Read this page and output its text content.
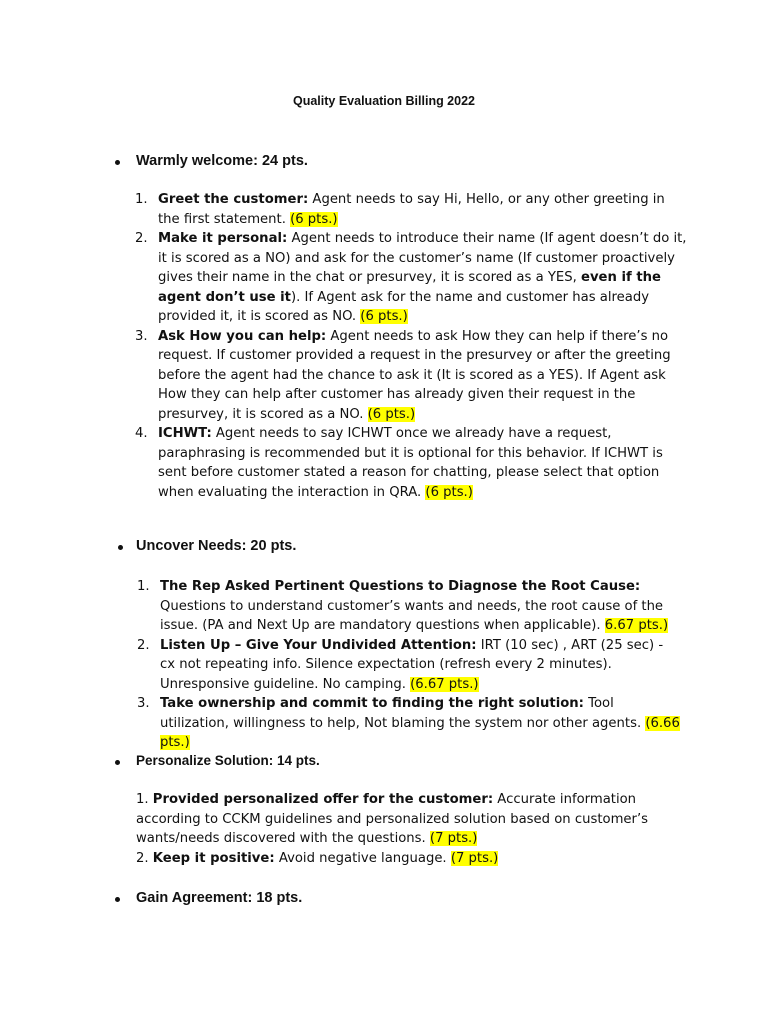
Quality Evaluation Billing 2022
Warmly welcome: 24 pts.
1. Greet the customer: Agent needs to say Hi, Hello, or any other greeting in the first statement. (6 pts.)
2. Make it personal: Agent needs to introduce their name (If agent doesn’t do it, it is scored as a NO) and ask for the customer’s name (If customer proactively gives their name in the chat or presurvey, it is scored as a YES, even if the agent don’t use it). If Agent ask for the name and customer has already provided it, it is scored as NO. (6 pts.)
3. Ask How you can help: Agent needs to ask How they can help if there’s no request. If customer provided a request in the presurvey or after the greeting before the agent had the chance to ask it (It is scored as a YES). If Agent ask How they can help after customer has already given their request in the presurvey, it is scored as a NO. (6 pts.)
4. ICHWT: Agent needs to say ICHWT once we already have a request, paraphrasing is recommended but it is optional for this behavior. If ICHWT is sent before customer stated a reason for chatting, please select that option when evaluating the interaction in QRA. (6 pts.)
Uncover Needs: 20 pts.
1. The Rep Asked Pertinent Questions to Diagnose the Root Cause: Questions to understand customer’s wants and needs, the root cause of the issue. (PA and Next Up are mandatory questions when applicable). 6.67 pts.)
2. Listen Up – Give Your Undivided Attention: IRT (10 sec) , ART (25 sec) - cx not repeating info. Silence expectation (refresh every 2 minutes). Unresponsive guideline. No camping. (6.67 pts.)
3. Take ownership and commit to finding the right solution: Tool utilization, willingness to help, Not blaming the system nor other agents. (6.66 pts.)
Personalize Solution: 14 pts.
1. Provided personalized offer for the customer: Accurate information according to CCKM guidelines and personalized solution based on customer’s wants/needs discovered with the questions. (7 pts.)
2. Keep it positive: Avoid negative language. (7 pts.)
Gain Agreement: 18 pts.
